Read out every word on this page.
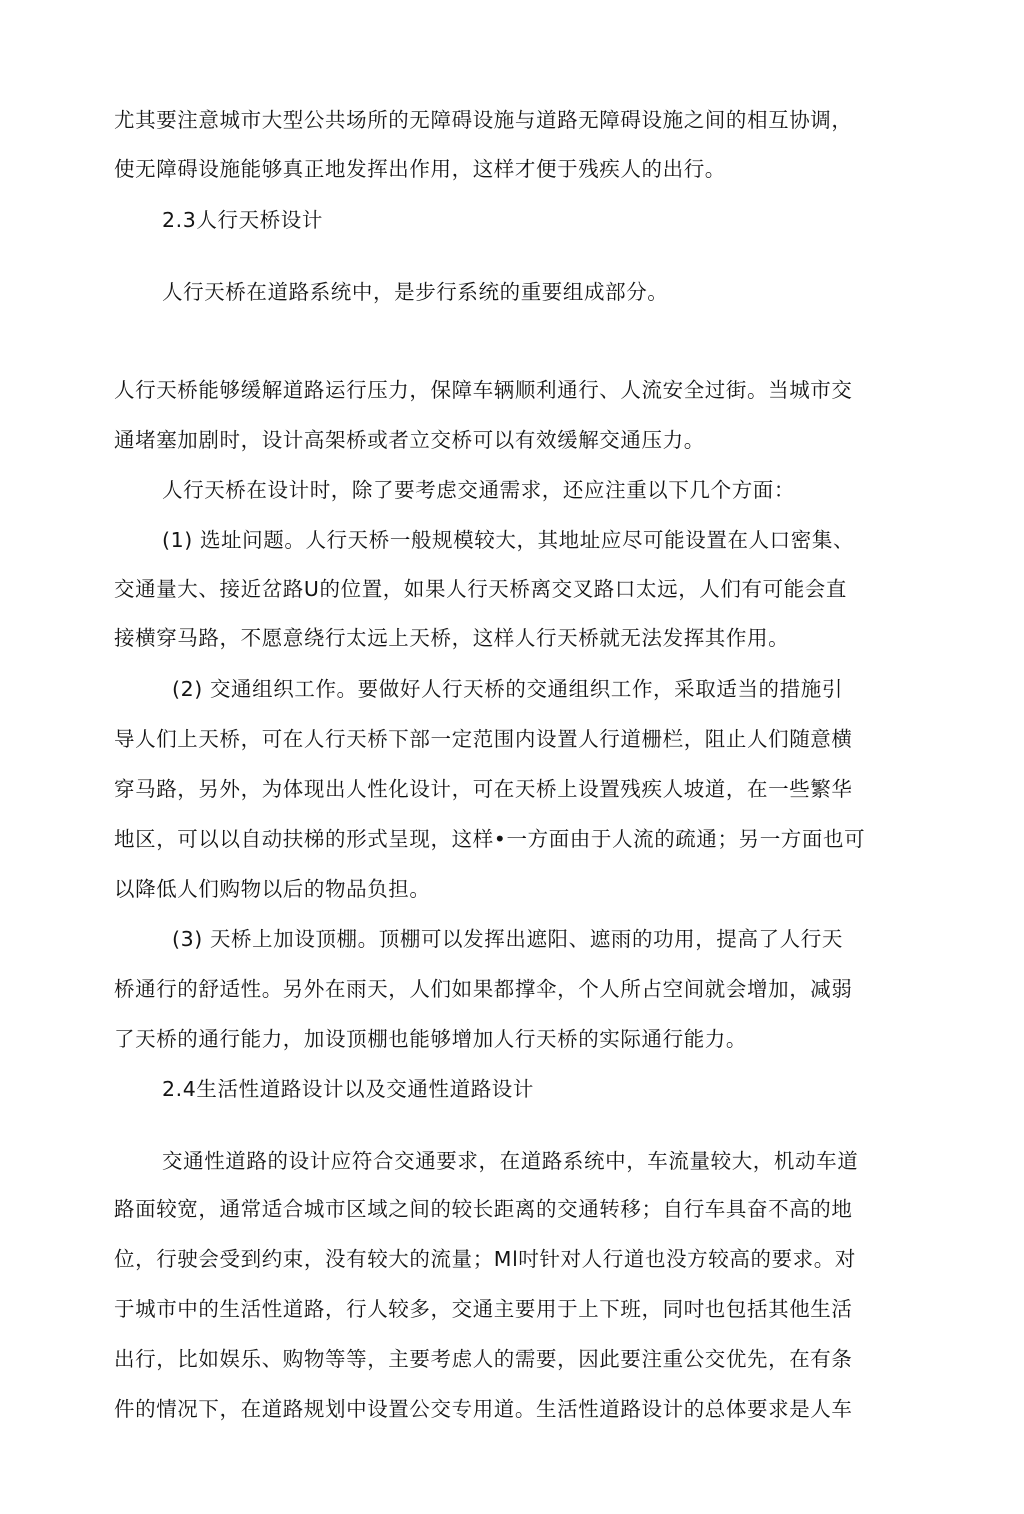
尤其要注意城市大型公共场所的无障碍设施与道路无障碍设施之间的相互协调，
使无障碍设施能够真正地发挥出作用，这样才便于残疾人的出行。
2.3人行天桥设计
人行天桥在道路系统中，是步行系统的重要组成部分。
人行天桥能够缓解道路运行压力，保障车辆顺利通行、人流安全过街。当城市交
通堵塞加剧时，设计高架桥或者立交桥可以有效缓解交通压力。
人行天桥在设计时，除了要考虑交通需求，还应注重以下几个方面：
(1) 选址问题。人行天桥一般规模较大，其地址应尽可能设置在人口密集、
交通量大、接近岔路U的位置，如果人行天桥离交叉路口太远，人们有可能会直
接横穿马路，不愿意绕行太远上天桥，这样人行天桥就无法发挥其作用。
(2) 交通组织工作。要做好人行天桥的交通组织工作，采取适当的措施引
导人们上天桥，可在人行天桥下部一定范围内设置人行道栅栏，阻止人们随意横
穿马路，另外，为体现出人性化设计，可在天桥上设置残疾人坡道，在一些繁华
地区，可以以自动扶梯的形式呈现，这样•一方面由于人流的疏通；另一方面也可
以降低人们购物以后的物品负担。
(3) 天桥上加设顶棚。顶棚可以发挥出遮阳、遮雨的功用，提高了人行天
桥通行的舒适性。另外在雨天，人们如果都撑伞，个人所占空间就会增加，减弱
了天桥的通行能力，加设顶棚也能够增加人行天桥的实际通行能力。
2.4生活性道路设计以及交通性道路设计
交通性道路的设计应符合交通要求，在道路系统中，车流量较大，机动车道
路面较宽，通常适合城市区域之间的较长距离的交通转移；自行车具奋不高的地
位，行驶会受到约束，没有较大的流量；Ml吋针对人行道也没方较高的要求。对
于城市中的生活性道路，行人较多，交通主要用于上下班，同吋也包括其他生活
出行，比如娱乐、购物等等，主要考虑人的需要，因此要注重公交优先，在有条
件的情况下，在道路规划中设置公交专用道。生活性道路设计的总体要求是人车
